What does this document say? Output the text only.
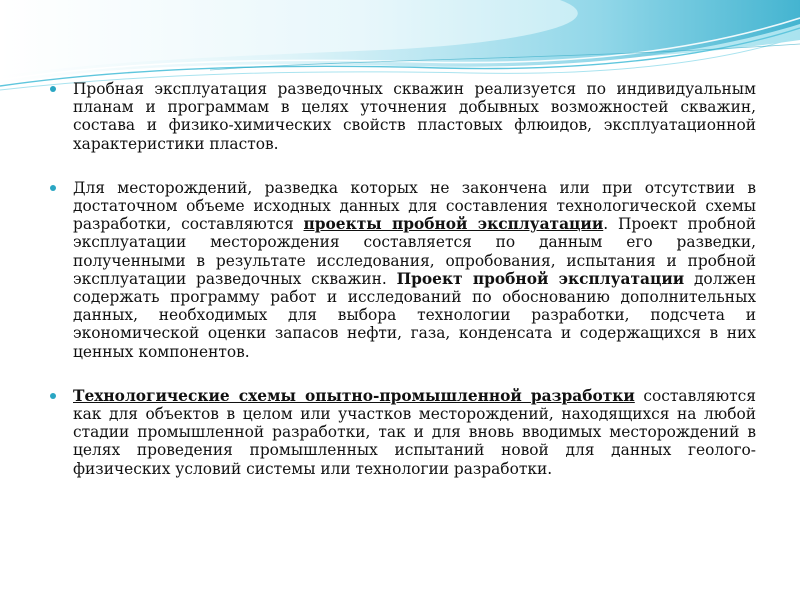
Пробная эксплуатация разведочных скважин реализуется по индивидуальным планам и программам в целях уточнения добывных возможностей скважин, состава и физико-химических свойств пластовых флюидов, эксплуатационной характеристики пластов.
Для месторождений, разведка которых не закончена или при отсутствии в достаточном объеме исходных данных для составления технологической схемы разработки, составляются проекты пробной эксплуатации. Проект пробной эксплуатации месторождения составляется по данным его разведки, полученными в результате исследования, опробования, испытания и пробной эксплуатации разведочных скважин. Проект пробной эксплуатации должен содержать программу работ и исследований по обоснованию дополнительных данных, необходимых для выбора технологии разработки, подсчета и экономической оценки запасов нефти, газа, конденсата и содержащихся в них ценных компонентов.
Технологические схемы опытно-промышленной разработки составляются как для объектов в целом или участков месторождений, находящихся на любой стадии промышленной разработки, так и для вновь вводимых месторождений в целях проведения промышленных испытаний новой для данных геолого-физических условий системы или технологии разработки.
